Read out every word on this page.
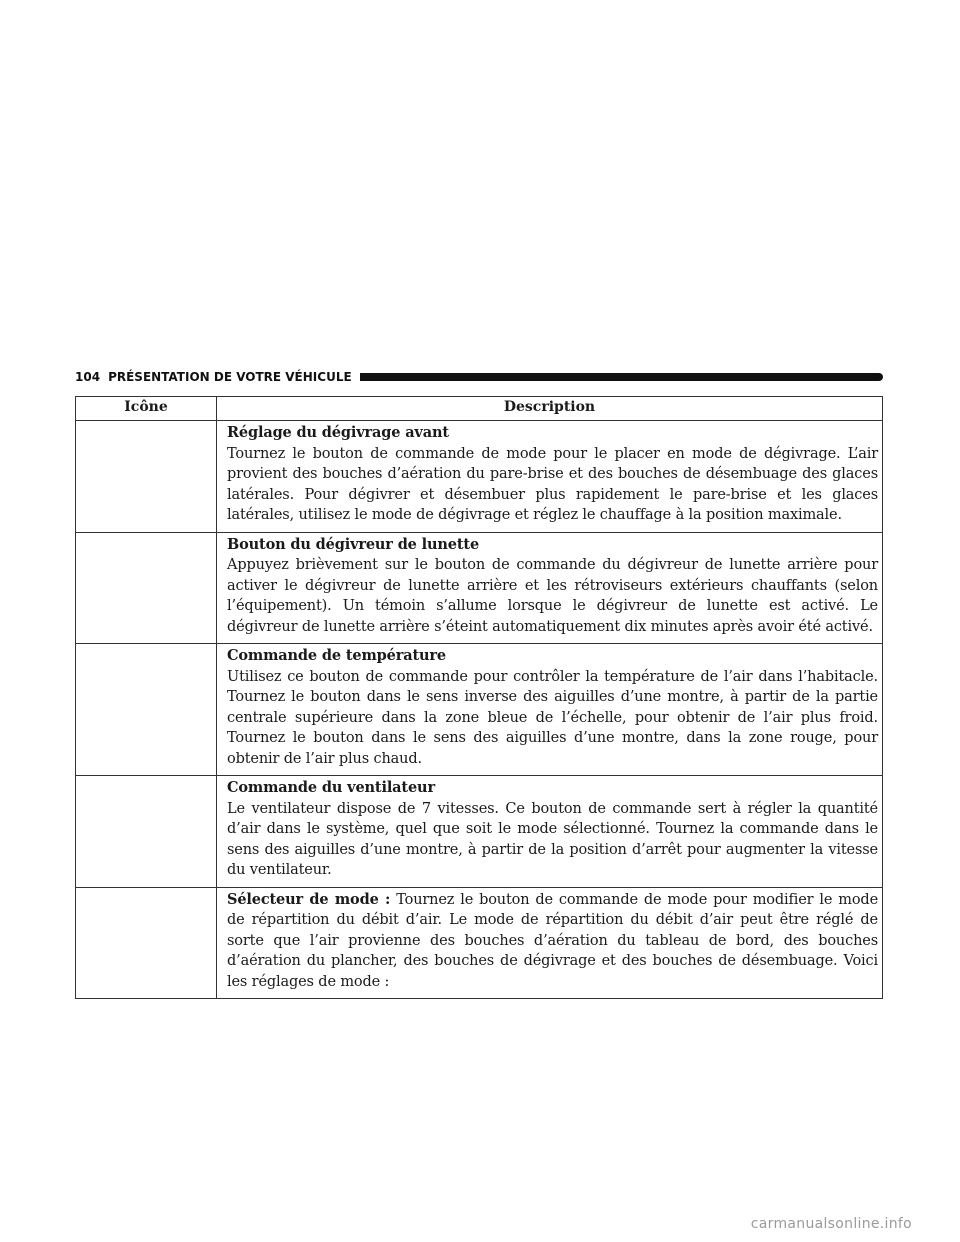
104 PRÉSENTATION DE VOTRE VÉHICULE
Icône	Description

	Réglage du dégivrage avant
Tournez le bouton de commande de mode pour le placer en mode de dégivrage. L’air provient des bouches d’aération du pare-brise et des bouches de désembuage des glaces latérales. Pour dégivrer et désembuer plus rapidement le pare-brise et les glaces latérales, utilisez le mode de dégivrage et réglez le chauffage à la position maximale.

	Bouton du dégivreur de lunette
Appuyez brièvement sur le bouton de commande du dégivreur de lunette arrière pour activer le dégivreur de lunette arrière et les rétroviseurs extérieurs chauffants (selon l’équipement). Un témoin s’allume lorsque le dégivreur de lunette est activé. Le dégivreur de lunette arrière s’éteint automatiquement dix minutes après avoir été activé.

	Commande de température
Utilisez ce bouton de commande pour contrôler la température de l’air dans l’habitacle. Tournez le bouton dans le sens inverse des aiguilles d’une montre, à partir de la partie centrale supérieure dans la zone bleue de l’échelle, pour obtenir de l’air plus froid. Tournez le bouton dans le sens des aiguilles d’une montre, dans la zone rouge, pour obtenir de l’air plus chaud.

	Commande du ventilateur
Le ventilateur dispose de 7 vitesses. Ce bouton de commande sert à régler la quantité d’air dans le système, quel que soit le mode sélectionné. Tournez la commande dans le sens des aiguilles d’une montre, à partir de la position d’arrêt pour augmenter la vitesse du ventilateur.

	Sélecteur de mode : Tournez le bouton de commande de mode pour modifier le mode de répartition du débit d’air. Le mode de répartition du débit d’air peut être réglé de sorte que l’air provienne des bouches d’aération du tableau de bord, des bouches d’aération du plancher, des bouches de dégivrage et des bouches de désembuage. Voici les réglages de mode :
carmanualsonline.info
